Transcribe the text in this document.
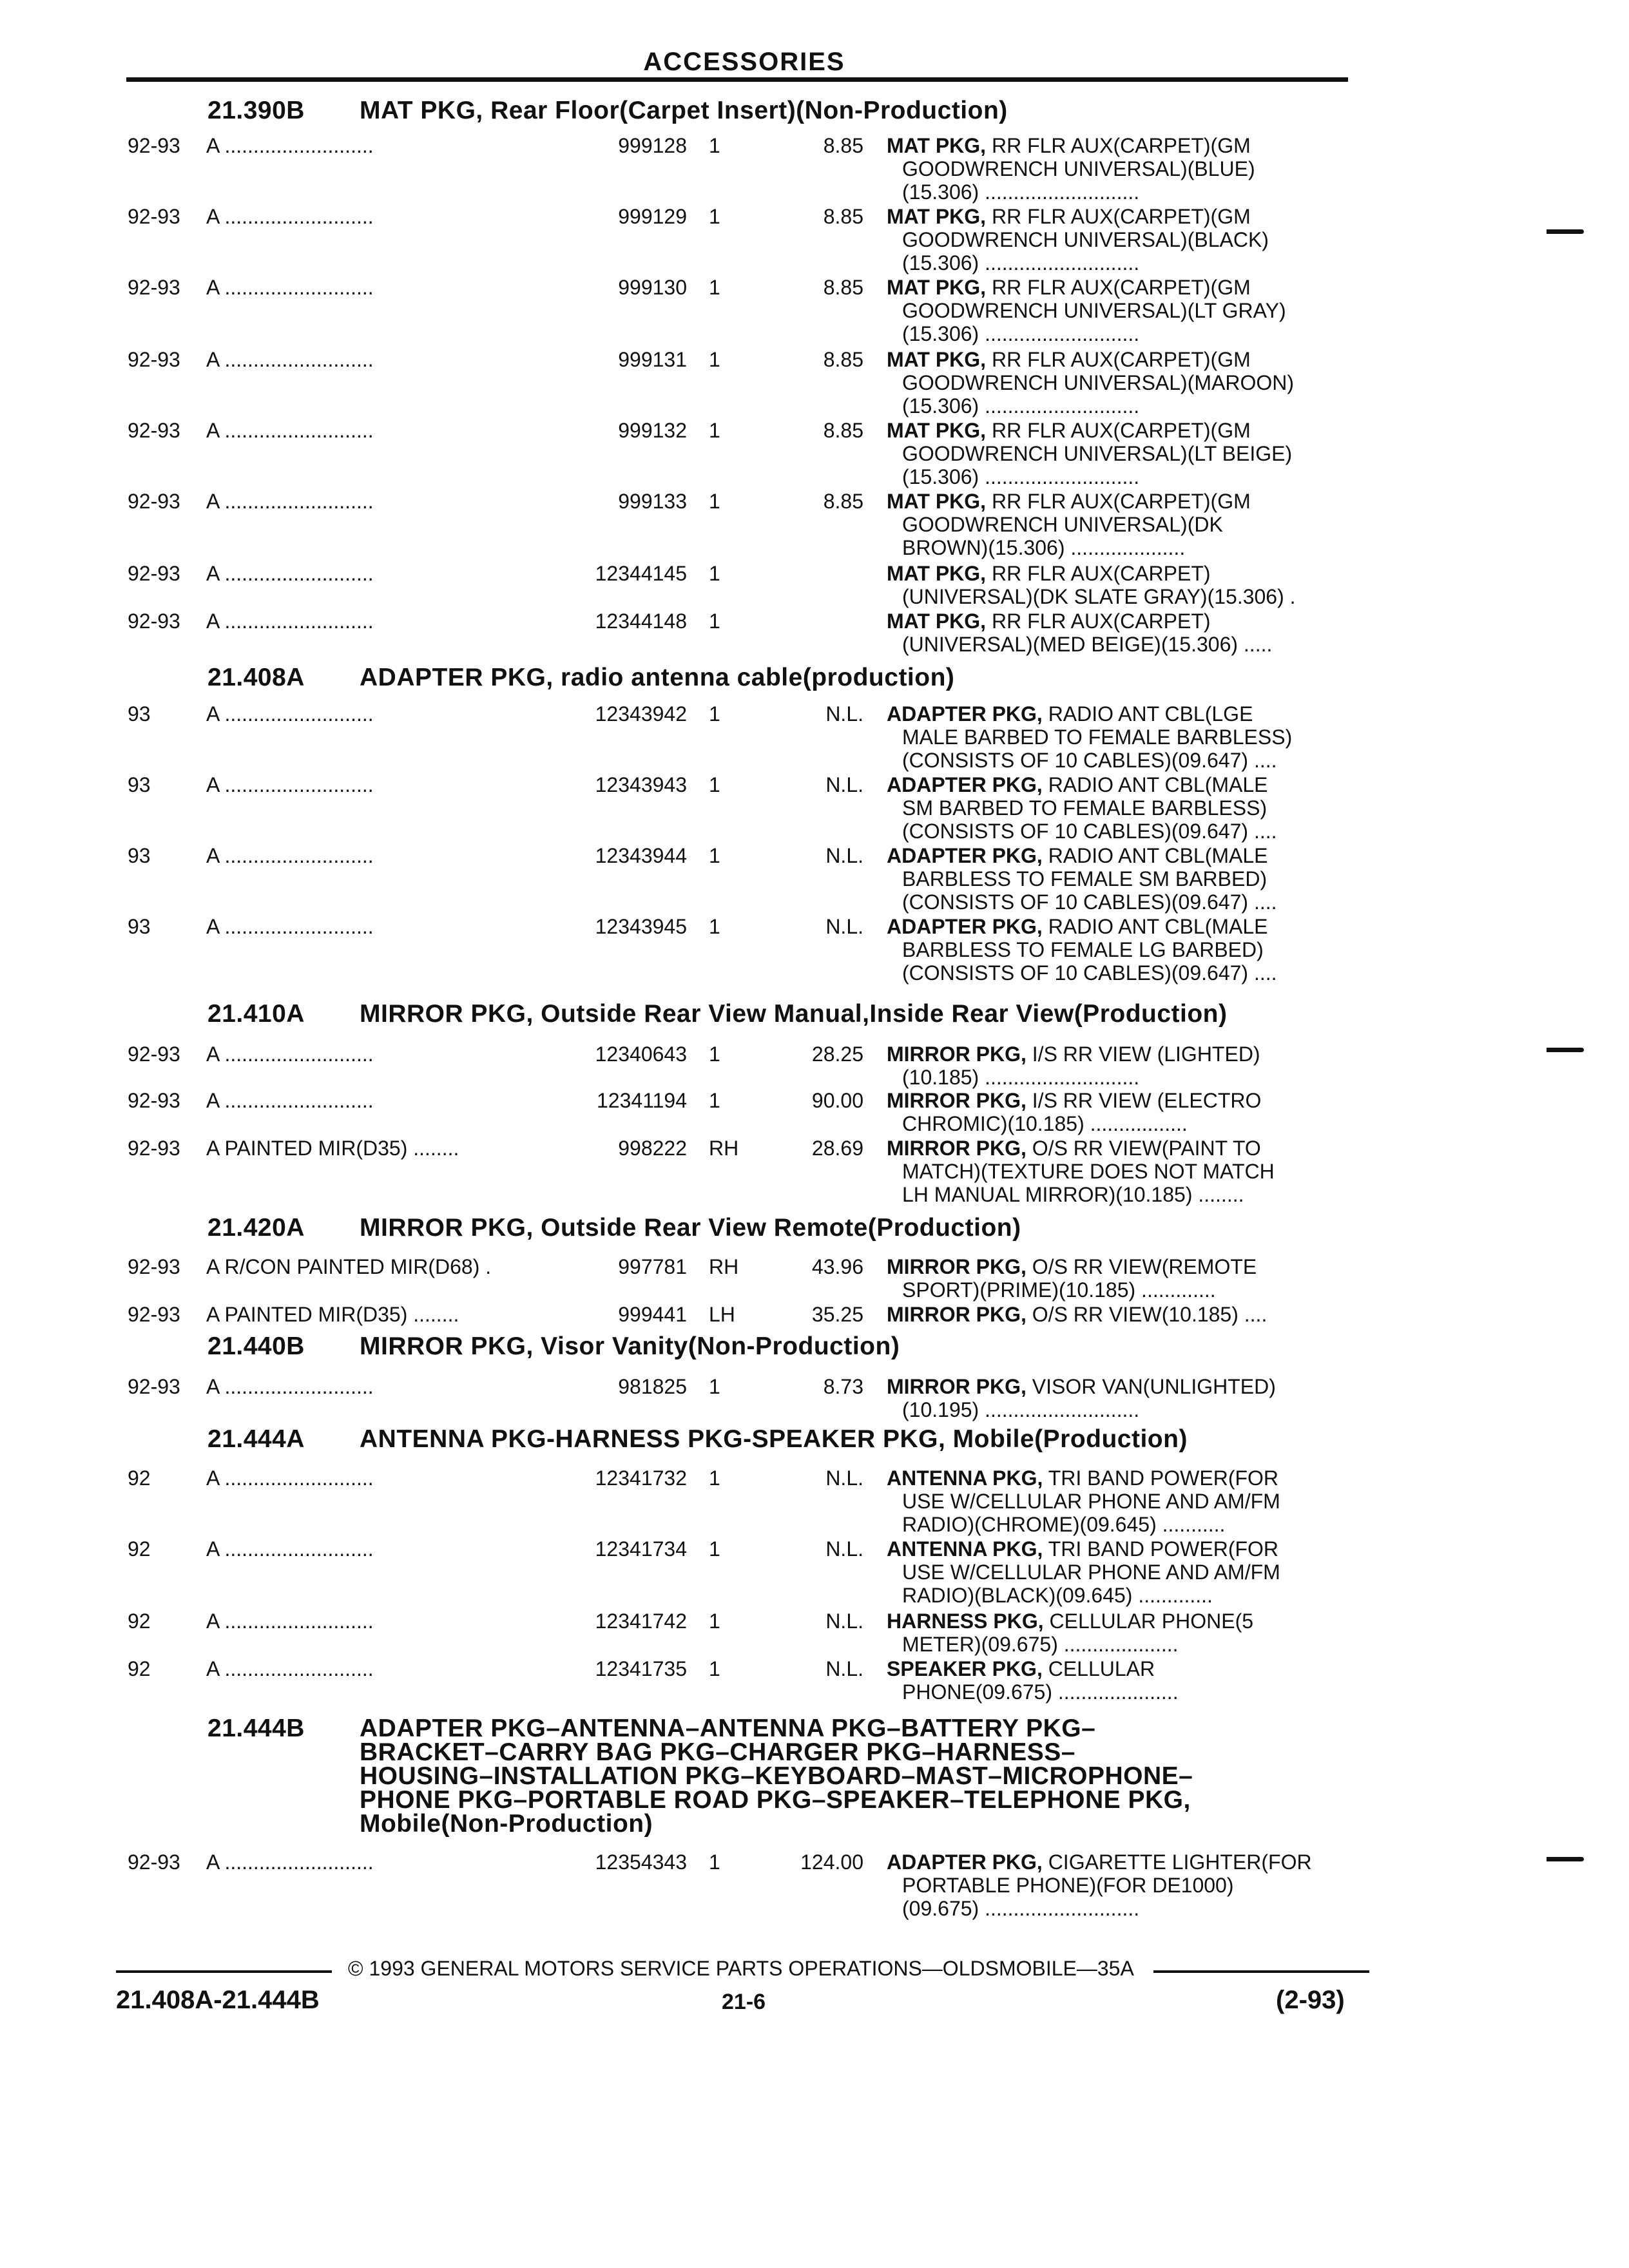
ACCESSORIES
21.390B MAT PKG, Rear Floor(Carpet Insert)(Non-Production)
92-93 A ..........................	999128 1	8.85 MAT PKG, RR FLR AUX(CARPET)(GM
GOODWRENCH UNIVERSAL)(BLUE)
(15.306) ...........................
92-93 A ..........................	999129 1	8.85 MAT PKG, RR FLR AUX(CARPET)(GM
GOODWRENCH UNIVERSAL)(BLACK)
(15.306) ...........................
92-93 A ..........................	999130 1	8.85 MAT PKG, RR FLR AUX(CARPET)(GM
GOODWRENCH UNIVERSAL)(LT GRAY)
(15.306) ...........................
92-93 A ..........................	999131 1	8.85 MAT PKG, RR FLR AUX(CARPET)(GM
GOODWRENCH UNIVERSAL)(MAROON)
(15.306) ...........................
92-93 A ..........................	999132 1	8.85 MAT PKG, RR FLR AUX(CARPET)(GM
GOODWRENCH UNIVERSAL)(LT BEIGE)
(15.306) ...........................
92-93 A ..........................	999133 1	8.85 MAT PKG, RR FLR AUX(CARPET)(GM
GOODWRENCH UNIVERSAL)(DK
BROWN)(15.306) ....................
92-93 A ..........................	12344145 1	MAT PKG, RR FLR AUX(CARPET)
(UNIVERSAL)(DK SLATE GRAY)(15.306) .
92-93 A ..........................	12344148 1	MAT PKG, RR FLR AUX(CARPET)
(UNIVERSAL)(MED BEIGE)(15.306) .....
21.408A ADAPTER PKG, radio antenna cable(production)
93	A ..........................	12343942 1	N.L. ADAPTER PKG, RADIO ANT CBL(LGE
MALE BARBED TO FEMALE BARBLESS)
(CONSISTS OF 10 CABLES)(09.647) ....
93	A ..........................	12343943 1	N.L. ADAPTER PKG, RADIO ANT CBL(MALE
SM BARBED TO FEMALE BARBLESS)
(CONSISTS OF 10 CABLES)(09.647) ....
93	A ..........................	12343944 1	N.L. ADAPTER PKG, RADIO ANT CBL(MALE
BARBLESS TO FEMALE SM BARBED)
(CONSISTS OF 10 CABLES)(09.647) ....
93	A ..........................	12343945 1	N.L. ADAPTER PKG, RADIO ANT CBL(MALE
BARBLESS TO FEMALE LG BARBED)
(CONSISTS OF 10 CABLES)(09.647) ....
21.410A MIRROR PKG, Outside Rear View Manual,Inside Rear View(Production)
92-93 A ..........................	12340643 1	28.25 MIRROR PKG, I/S RR VIEW (LIGHTED)
(10.185) ...........................
92-93 A ..........................	12341194 1	90.00 MIRROR PKG, I/S RR VIEW (ELECTRO
CHROMIC)(10.185) .................
92-93 A PAINTED MIR(D35) ........	998222 RH	28.69 MIRROR PKG, O/S RR VIEW(PAINT TO
MATCH)(TEXTURE DOES NOT MATCH
LH MANUAL MIRROR)(10.185) ........
21.420A MIRROR PKG, Outside Rear View Remote(Production)
92-93 A R/CON PAINTED MIR(D68) .	997781 RH	43.96 MIRROR PKG, O/S RR VIEW(REMOTE
SPORT)(PRIME)(10.185) .............
92-93 A PAINTED MIR(D35) ........	999441 LH	35.25 MIRROR PKG, O/S RR VIEW(10.185) ....
21.440B MIRROR PKG, Visor Vanity(Non-Production)
92-93 A ..........................	981825 1	8.73 MIRROR PKG, VISOR VAN(UNLIGHTED)
(10.195) ...........................
21.444A ANTENNA PKG-HARNESS PKG-SPEAKER PKG, Mobile(Production)
92	A ..........................	12341732 1	N.L. ANTENNA PKG, TRI BAND POWER(FOR
USE W/CELLULAR PHONE AND AM/FM
RADIO)(CHROME)(09.645) ...........
92	A ..........................	12341734 1	N.L. ANTENNA PKG, TRI BAND POWER(FOR
USE W/CELLULAR PHONE AND AM/FM
RADIO)(BLACK)(09.645) .............
92	A ..........................	12341742 1	N.L. HARNESS PKG, CELLULAR PHONE(5
METER)(09.675) ....................
92	A ..........................	12341735 1	N.L. SPEAKER PKG, CELLULAR
PHONE(09.675) .....................
21.444B ADAPTER PKG–ANTENNA–ANTENNA PKG–BATTERY PKG–
BRACKET–CARRY BAG PKG–CHARGER PKG–HARNESS–
HOUSING–INSTALLATION PKG–KEYBOARD–MAST–MICROPHONE–
PHONE PKG–PORTABLE ROAD PKG–SPEAKER–TELEPHONE PKG,
Mobile(Non-Production)
92-93 A ..........................	12354343 1	124.00 ADAPTER PKG, CIGARETTE LIGHTER(FOR
PORTABLE PHONE)(FOR DE1000)
(09.675) ...........................
© 1993 GENERAL MOTORS SERVICE PARTS OPERATIONS—OLDSMOBILE—35A
21.408A-21.444B	21-6	(2-93)
